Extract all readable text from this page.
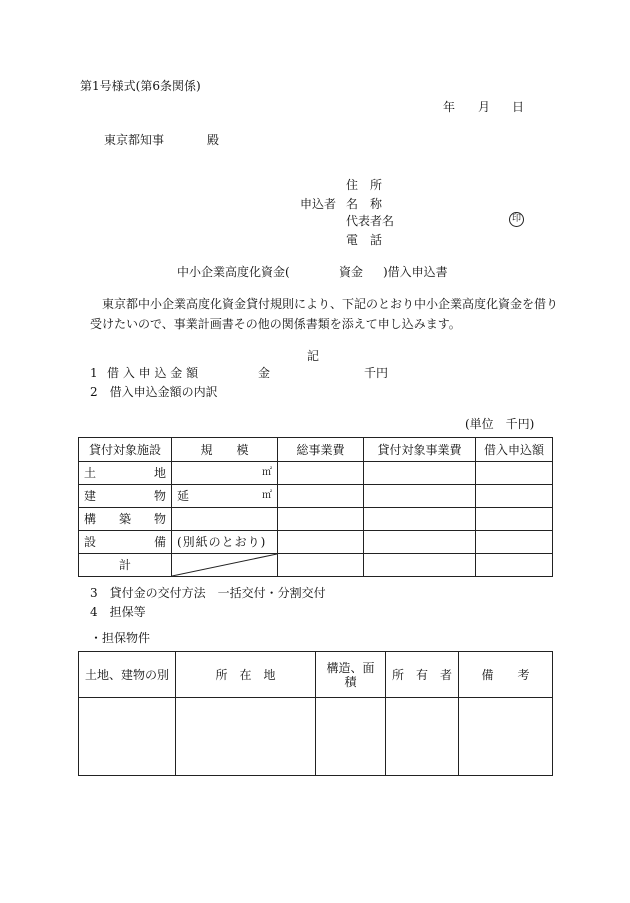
第1号様式(第6条関係)
年 月 日
東京都知事	殿
住　所
申込者 名　称
代表者名	印
電　話
中小企業高度化資金(	資金 )借入申込書
東京都中小企業高度化資金貸付規則により、下記のとおり中小企業高度化資金を借り
受けたいので、事業計画書その他の関係書類を添えて申し込みます。
記
1 借 入 申 込 金 額	金	千円
2　借入申込金額の内訳
(単位　千円)
貸付対象施設	規　　模	総事業費	貸付対象事業費	借入申込額

土 地	㎡			

建 物	延 ㎡			

構 築 物				

設 備	(別紙のとおり)			
計	

3　貸付金の交付方法　一括交付・分割交付
4　担保等
・担保物件
土地、建物の別	所　在　地	構造、面積	所　有　者	備　　考
